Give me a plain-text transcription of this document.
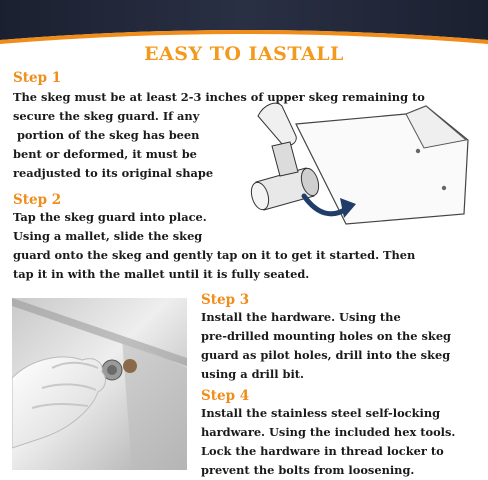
EASY TO IASTALL
Step 1
The skeg must be at least 2-3 inches of upper skeg remaining to
secure the skeg guard. If any
portion of the skeg has been
bent or deformed, it must be
readjusted to its original shape
Step 2
Tap the skeg guard into place.
Using a mallet, slide the skeg
guard onto the skeg and gently tap on it to get it started. Then
tap it in with the mallet until it is fully seated.
Step 3
Install the hardware. Using the
pre-drilled mounting holes on the skeg
guard as pilot holes, drill into the skeg
using a drill bit.
Step 4
Install the stainless steel self-locking
hardware. Using the included hex tools.
Lock the hardware in thread locker to
prevent the bolts from loosening.
